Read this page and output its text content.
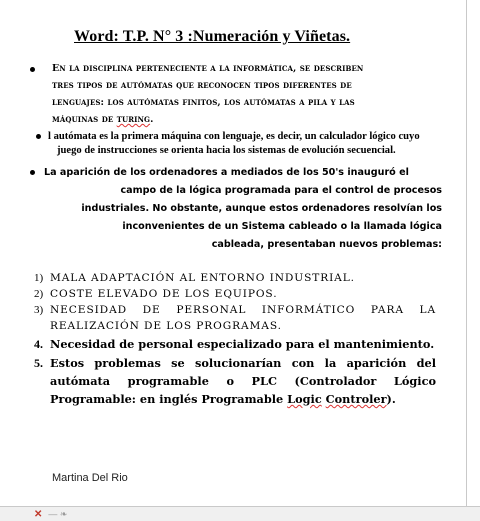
Word: T.P. N° 3 :Numeración y Viñetas.
En la disciplina perteneciente a la informática, se describen
tres tipos de autómatas que reconocen tipos diferentes de
lenguajes: los autómatas finitos, los autómatas a pila y las
máquinas de turing.
l autómata es la primera máquina con lenguaje, es decir, un calculador lógico cuyo
juego de instrucciones se orienta hacia los sistemas de evolución secuencial.
La aparición de los ordenadores a mediados de los 50's inauguró el
campo de la lógica programada para el control de procesos
industriales. No obstante, aunque estos ordenadores resolvían los
inconvenientes de un Sistema cableado o la llamada lógica
cableada, presentaban nuevos problemas:
1) MALA ADAPTACIÓN AL ENTORNO INDUSTRIAL.
2) COSTE ELEVADO DE LOS EQUIPOS.
3) NECESIDAD DE PERSONAL INFORMÁTICO PARA LA REALIZACIÓN DE LOS PROGRAMAS.
4. Necesidad de personal especializado para el mantenimiento.
5. Estos problemas se solucionarían con la aparición del autómata programable o PLC (Controlador Lógico Programable: en inglés Programable Logic Controler).
Martina Del Rio
✕ — ❧
